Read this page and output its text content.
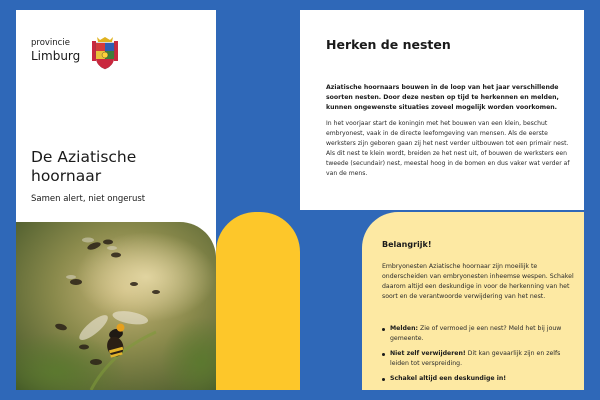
provincie
Limburg
De Aziatische hoornaar
Samen alert, niet ongerust
Herken de nesten

Aziatische hoornaars bouwen in de loop van het jaar verschillende soorten nesten. Door deze nesten op tijd te herkennen en melden, kunnen ongewenste situaties zoveel mogelijk worden voorkomen.

In het voorjaar start de koningin met het bouwen van een klein, beschut embryonest, vaak in de directe leefomgeving van mensen. Als de eerste werksters zijn geboren gaan zij het nest verder uitbouwen tot een primair nest. Als dit nest te klein wordt, breiden ze het nest uit, of bouwen de werksters een tweede (secundair) nest, meestal hoog in de bomen en dus vaker wat verder af van de mens.

Belangrijk!

Embryonesten Aziatische hoornaar zijn moeilijk te onderscheiden van embryonesten inheemse wespen. Schakel daarom altijd een deskundige in voor de herkenning van het soort en de verantwoorde verwijdering van het nest.

Melden: Zie of vermoed je een nest? Meld het bij jouw gemeente.
Niet zelf verwijderen! Dit kan gevaarlijk zijn en zelfs leiden tot verspreiding.
Schakel altijd een deskundige in!
